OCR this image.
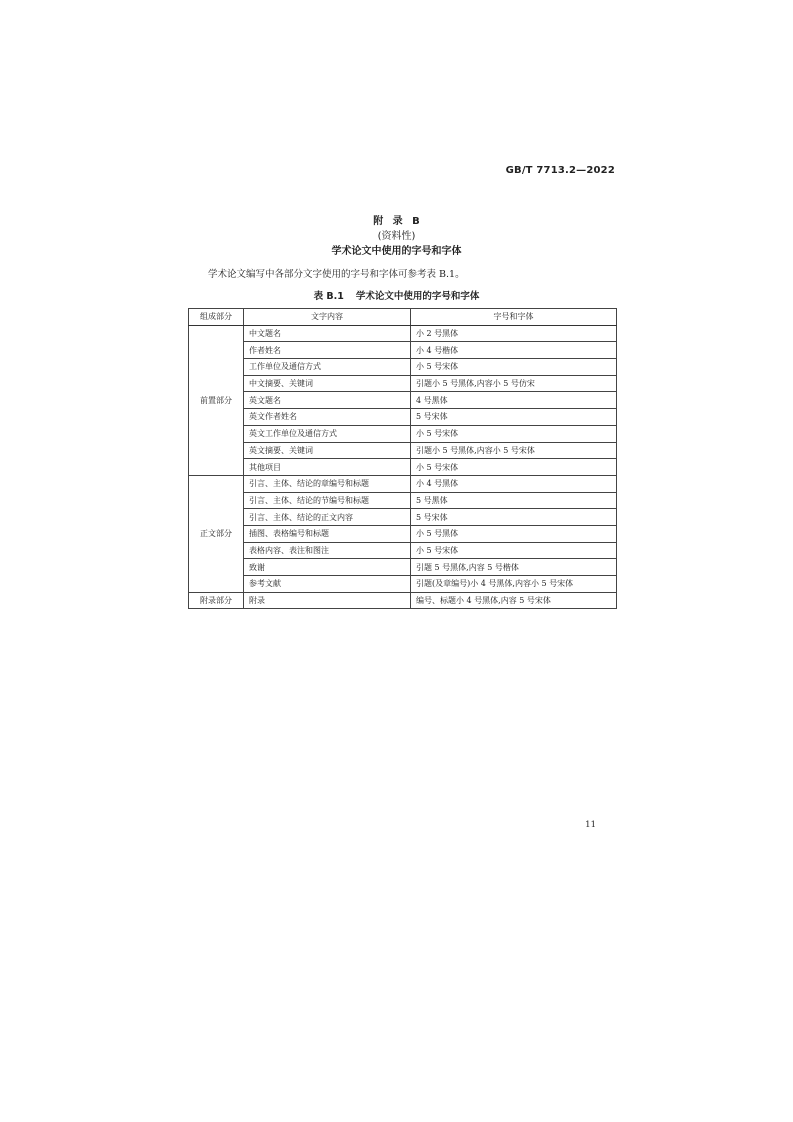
GB/T 7713.2—2022
附 录 B
(资料性)
学术论文中使用的字号和字体
学术论文编写中各部分文字使用的字号和字体可参考表 B.1。
表 B.1 学术论文中使用的字号和字体
组成部分	文字内容	字号和字体
前置部分	中文题名	小 2 号黑体
	作者姓名	小 4 号楷体
	工作单位及通信方式	小 5 号宋体
	中文摘要、关键词	引题小 5 号黑体,内容小 5 号仿宋
	英文题名	4 号黑体
	英文作者姓名	5 号宋体
	英文工作单位及通信方式	小 5 号宋体
	英文摘要、关键词	引题小 5 号黑体,内容小 5 号宋体
	其他项目	小 5 号宋体
正文部分	引言、主体、结论的章编号和标题	小 4 号黑体
	引言、主体、结论的节编号和标题	5 号黑体
	引言、主体、结论的正文内容	5 号宋体
	插图、表格编号和标题	小 5 号黑体
	表格内容、表注和图注	小 5 号宋体
	致谢	引题 5 号黑体,内容 5 号楷体
	参考文献	引题(及章编号)小 4 号黑体,内容小 5 号宋体
附录部分	附录	编号、标题小 4 号黑体,内容 5 号宋体
11
